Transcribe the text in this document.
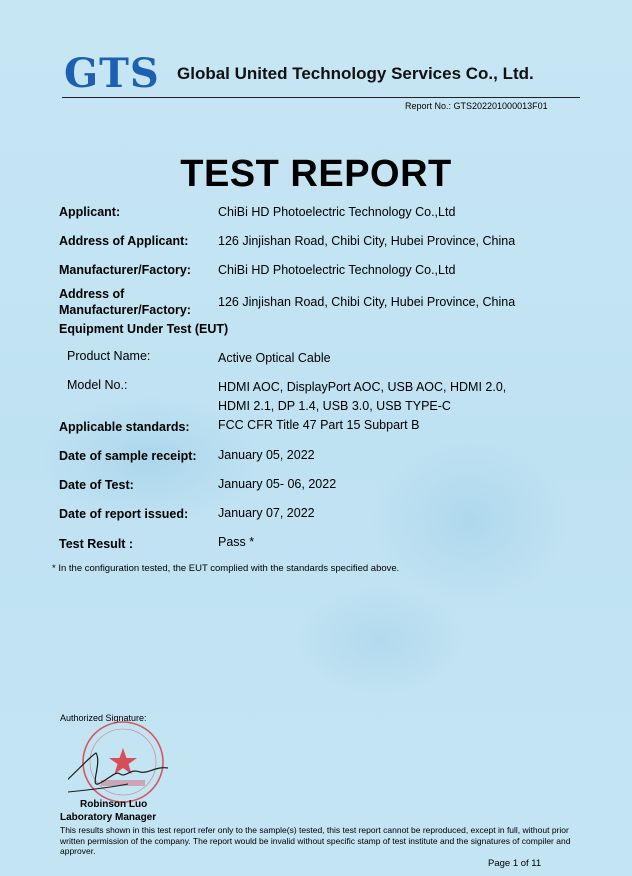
GTS Global United Technology Services Co., Ltd.
Report No.: GTS202201000013F01
TEST REPORT
Applicant:	ChiBi HD Photoelectric Technology Co.,Ltd
Address of Applicant: 126 Jinjishan Road, Chibi City, Hubei Province, China
Manufacturer/Factory: ChiBi HD Photoelectric Technology Co.,Ltd
Address of
Manufacturer/Factory:
126 Jinjishan Road, Chibi City, Hubei Province, China
Equipment Under Test (EUT)
Product Name:	Active Optical Cable
Model No.:	HDMI AOC, DisplayPort AOC, USB AOC, HDMI 2.0,
HDMI 2.1, DP 1.4, USB 3.0, USB TYPE-C
Applicable standards: FCC CFR Title 47 Part 15 Subpart B
Date of sample receipt: January 05, 2022
Date of Test:	January 05- 06, 2022
Date of report issued: January 07, 2022
Test Result :	Pass *
* In the configuration tested, the EUT complied with the standards specified above.
Authorized Signature:
Robinson Luo
Laboratory Manager
This results shown in this test report refer only to the sample(s) tested, this test report cannot be reproduced, except in full, without prior written permission of the company. The report would be invalid without specific stamp of test institute and the signatures of compiler and approver.
Page 1 of 11
